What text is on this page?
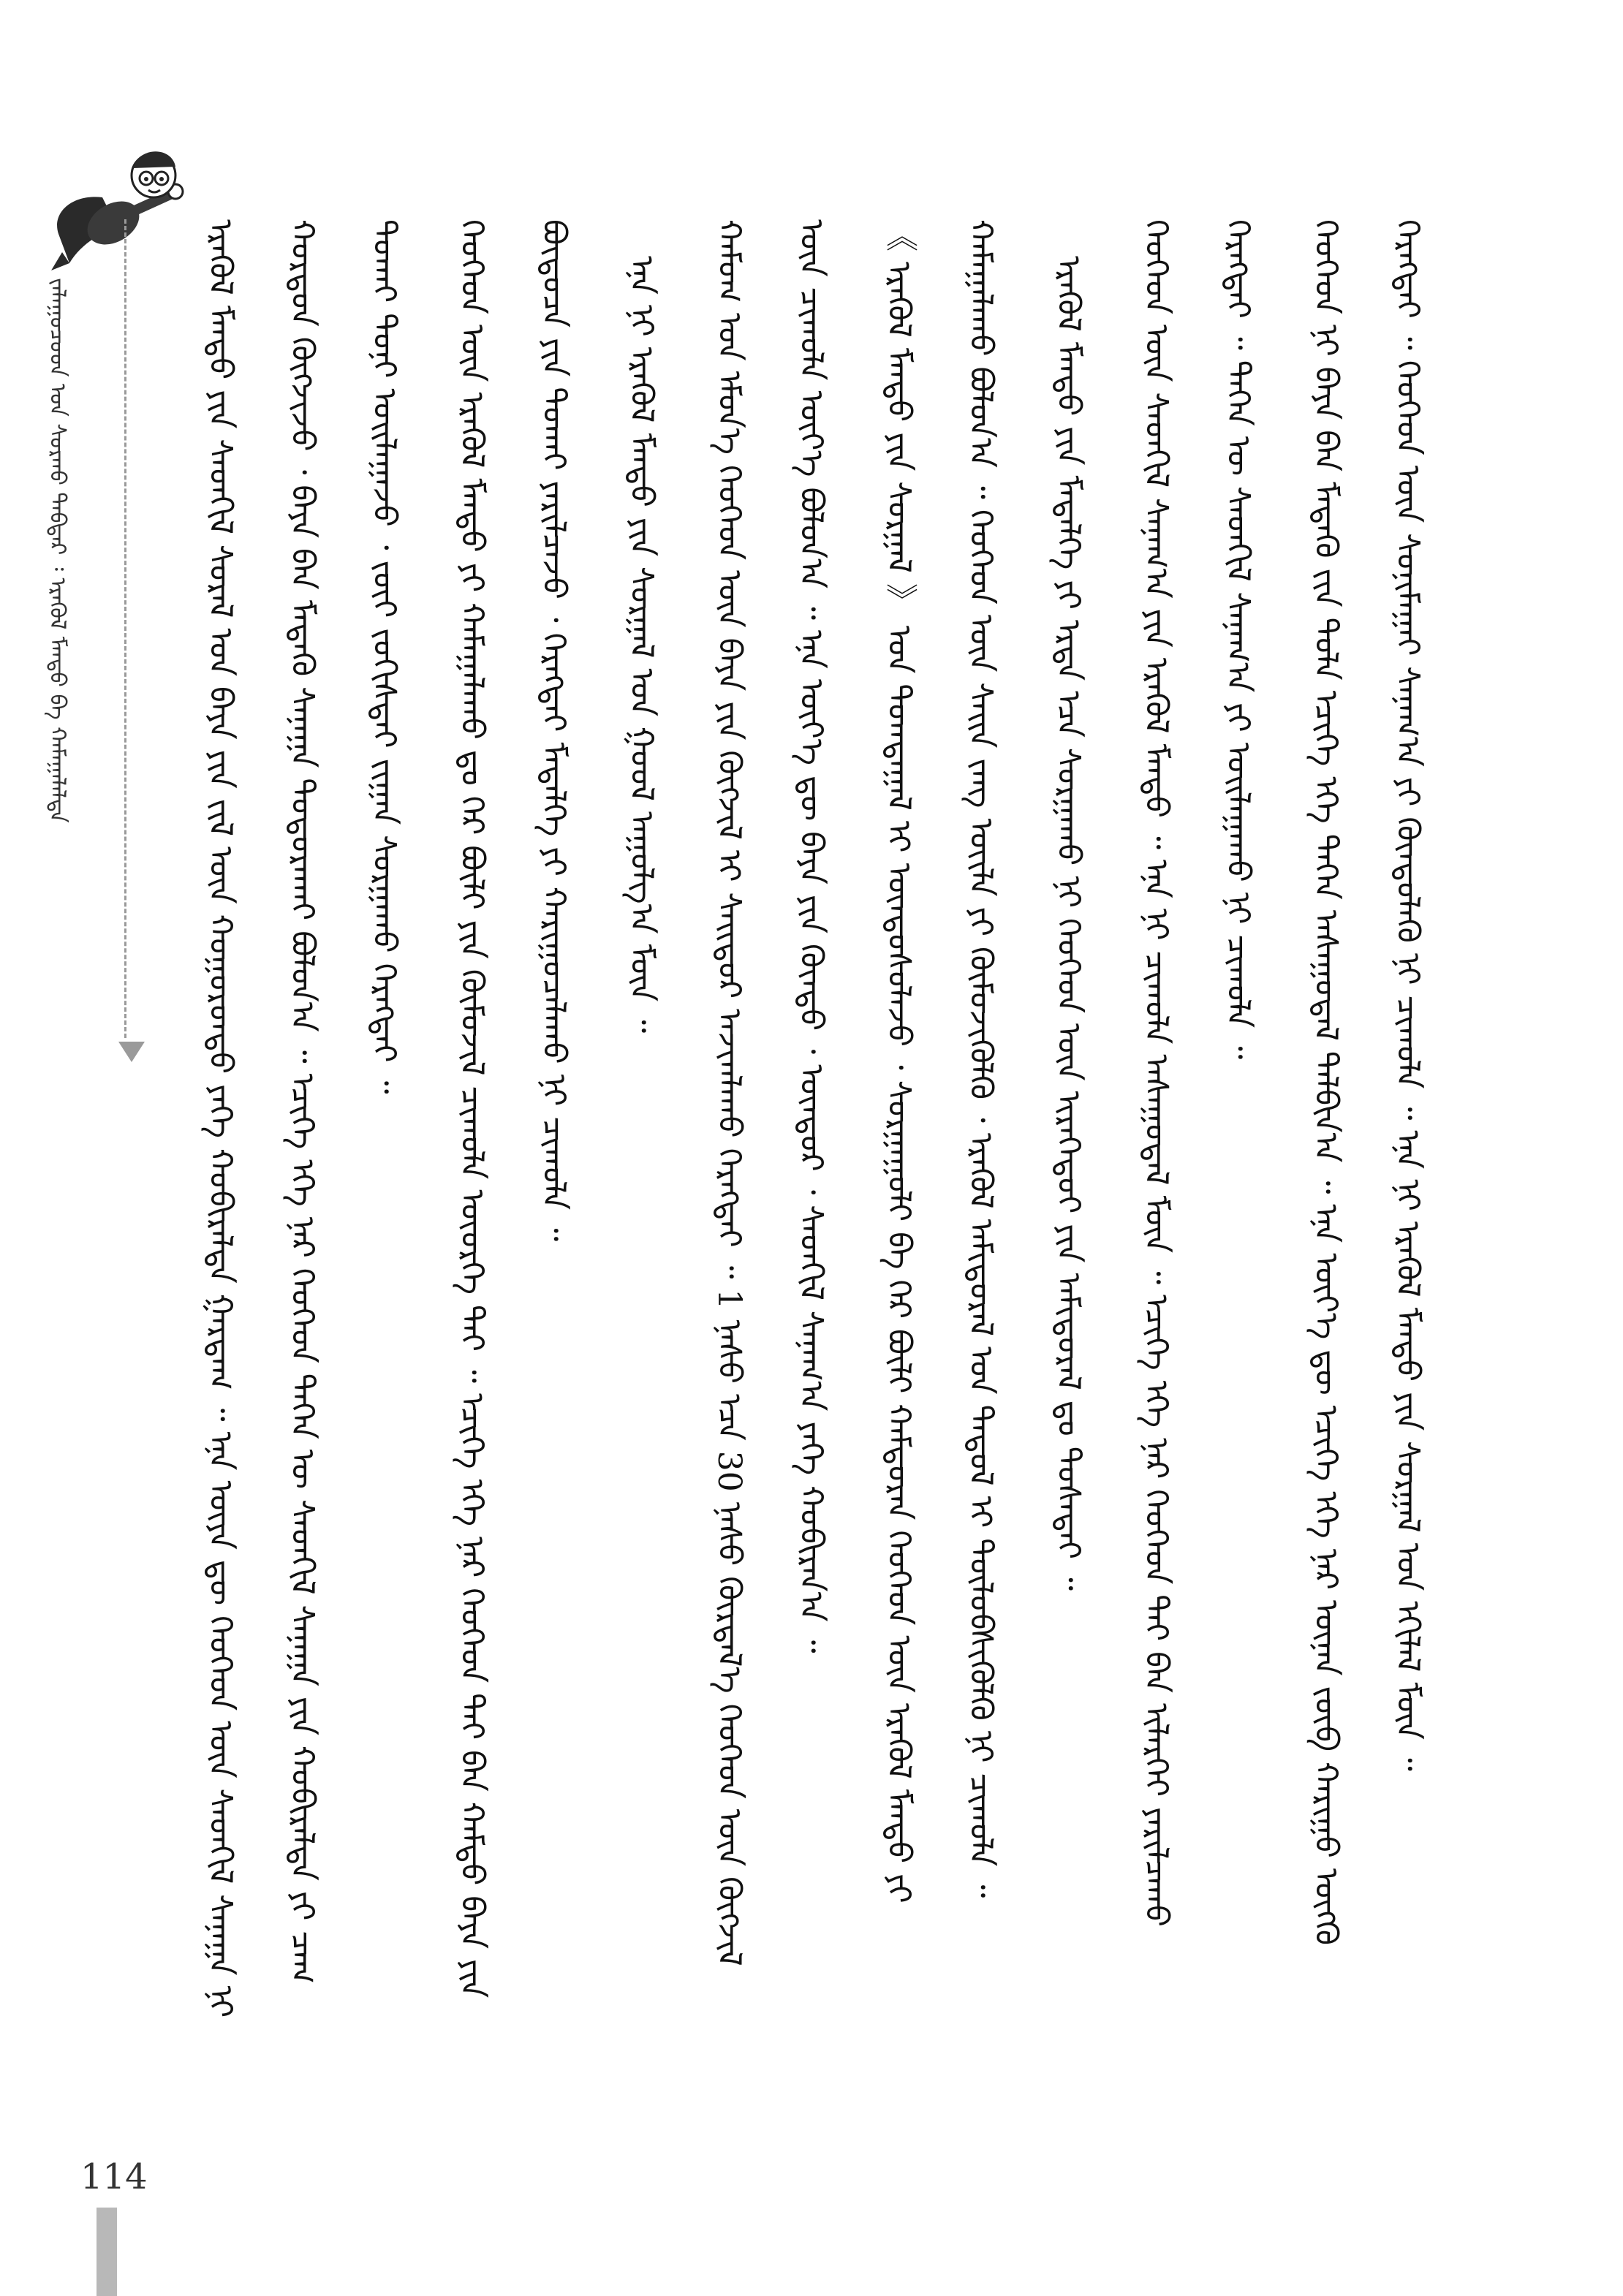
ᠵᠠᠯᠠᠭᠤᠴᠤᠳ ᠤᠨ ᠰᠤᠷᠬᠤ ᠳᠡᠪᠲᠡᠷ ᠄ ᠡᠷᠡᠭᠦᠯ ᠮᠡᠨᠳᠦ ᠪᠠ ᠬᠠᠮᠠᠭᠠᠯᠠᠯᠲᠠ	ᠡᠷᠡᠭᠦᠯ ᠮᠡᠨᠳᠦ ᠶᠢᠨ ᠰᠡᠳᠬᠢᠯ ᠰᠤᠷᠠᠯ ᠤᠨ ᠪᠡᠶᠡ ᠶᠢᠨ ᠵᠢᠯ ᠦᠨ ᠬᠤᠭᠤᠷᠤᠨᠳᠤ ᠶᠡᠬᠡ ᠬᠤᠪᠢᠷᠠᠯᠲᠠ ᠭᠠᠷᠳᠠᠭ ᠃ ᠡᠨᠡ ᠦᠶᠡ ᠳᠦ ᠬᠡᠦᠬᠡᠳ ᠦᠨ ᠰᠡᠳᠬᠢᠯ ᠰᠠᠨᠠᠭᠠ ᠨᠢ ᠬᠤᠷᠳᠤᠨ ᠬᠦᠭᠵᠢᠵᠦ ᠂ ᠪᠡᠶᠡ ᠪᠡᠨ ᠮᠡᠳᠡᠬᠦ ᠰᠠᠨᠠᠭᠠ ᠲᠤᠳᠤᠷᠠᠬᠠᠢ ᠪᠣᠯᠤᠨ᠎ᠠ ᠃ ᠡᠴᠢᠭᠡ ᠡᠬᠡ ᠨᠠᠷ ᠬᠡᠦᠬᠡᠳ ᠲᠡᠭᠡᠨ ᠦ ᠰᠡᠳᠬᠢᠯ ᠰᠠᠨᠠᠭᠠ ᠶᠢᠨ ᠬᠤᠪᠢᠷᠠᠯᠲᠠ ᠶᠢ ᠴᠠᠭ ᠲᠤᠬᠠᠢ ᠳᠤᠨᠢ ᠣᠢᠯᠠᠭᠠᠵᠤ ᠂ ᠵᠦᠢ ᠵᠤᠬᠢᠰᠲᠠᠢ ᠵᠢᠭᠠᠨ ᠰᠤᠷᠭᠠᠬᠤ ᠬᠡᠷᠡᠭᠲᠡᠢ ᠃	ᠬᠡᠦᠬᠡᠳ ᠦᠨ ᠡᠷᠡᠭᠦᠯ ᠮᠡᠨᠳᠦ ᠶᠢ ᠬᠠᠮᠠᠭᠠᠯᠠᠬᠤ ᠳᠤ ᠭᠡᠷ ᠪᠦᠯᠢ ᠶᠢᠨ ᠬᠦᠮᠦᠵᠢᠯ ᠴᠢᠬᠤᠯᠠ ᠦᠦᠷᠭᠡ ᠲᠡᠢ ᠃ ᠡᠴᠢᠭᠡ ᠡᠬᠡ ᠨᠠᠷ ᠬᠡᠦᠬᠡᠳ ᠲᠡᠢ ᠪᠠᠨ ᠬᠠᠮᠲᠤ ᠪᠡᠶᠡ ᠶᠢᠨ ᠪᠦᠲᠦᠴᠡ ᠶᠢᠨ ᠲᠤᠬᠠᠢ ᠶᠠᠷᠢᠯᠴᠠᠵᠤ ᠂ ᠬᠡᠷᠡᠭᠲᠡᠢ ᠮᠡᠳᠡᠯᠭᠡ ᠶᠢ ᠬᠠᠷᠢᠭᠤᠴᠠᠯᠠᠬᠤ ᠨᠢ ᠴᠢᠬᠤᠯᠠ ᠃	ᠡᠨᠡ ᠨᠢ ᠡᠷᠡᠭᠦᠯ ᠮᠡᠨᠳᠦ ᠶᠢᠨ ᠰᠤᠷᠭᠠᠯ ᠤᠨ ᠭᠣᠣᠯ ᠠᠭᠤᠯᠭ᠎ᠠ ᠮᠥᠨ ᠃	ᠬᠠᠮᠤᠭ ᠤᠨ ᠡᠮᠦᠨ᠎ᠡ ᠬᠡᠦᠬᠡᠳ ᠦᠨ ᠪᠡᠶᠡ ᠶᠢᠨ ᠬᠥᠭᠵᠢᠯ ᠢ ᠰᠠᠢᠲᠤᠷ ᠠᠵᠢᠭᠯᠠᠬᠤ ᠬᠡᠷᠡᠭᠲᠡᠢ ᠃ 1 ᠨᠠᠰᠤ ᠡᠴᠡ 30 ᠨᠠᠰᠤ ᠬᠦᠷᠲᠡᠯ᠎ᠡ ᠬᠡᠦᠬᠡᠳ ᠦᠨ ᠬᠥᠭᠵᠢᠯ ᠦᠨ ᠴᠢᠬᠤᠯᠠ ᠦᠶ᠎ᠡ ᠪᠣᠯᠤᠨ᠎ᠠ ᠃ ᠡᠨᠡ ᠦᠶ᠎ᠡ ᠳᠦ ᠪᠡᠶᠡ ᠶᠢᠨ ᠬᠦᠨᠳᠦ ᠂ ᠥᠨᠳᠥᠷ ᠂ ᠰᠡᠳᠬᠢᠯ ᠰᠠᠨᠠᠭ᠎ᠠ ᠶᠡᠬᠡ ᠬᠤᠪᠢᠷᠠᠨ᠎ᠠ ᠃	《 ᠡᠷᠡᠭᠦᠯ ᠮᠡᠨᠳᠦ ᠶᠢᠨ ᠰᠤᠷᠭᠠᠯ 》 ᠤᠨ ᠲᠣᠭᠲᠠᠭᠠᠯ ᠢ ᠦᠨᠳᠦᠰᠦᠯᠡᠵᠦ ᠂ ᠰᠤᠷᠭᠠᠭᠤᠯᠢ ᠪᠠ ᠭᠡᠷ ᠪᠦᠯᠢ ᠬᠠᠮᠲᠤᠷᠠᠨ ᠬᠡᠦᠬᠡᠳ ᠦᠨ ᠡᠷᠡᠭᠦᠯ ᠮᠡᠨᠳᠦ ᠶᠢ ᠬᠠᠮᠠᠭᠠᠯᠠᠬᠤ ᠪᠣᠯᠤᠨ᠎ᠠ ᠃ ᠬᠡᠦᠬᠡᠳ ᠦᠨ ᠰᠠᠢᠨ ᠵᠠᠩ ᠦᠢᠯᠡ ᠶᠢ ᠬᠥᠮᠦᠵᠢᠭᠦᠯᠬᠦ ᠂ ᠡᠷᠡᠭᠦᠯ ᠠᠮᠢᠳᠤᠷᠠᠯ ᠤᠨ ᠳᠠᠳᠤᠯ ᠢ ᠲᠥᠯᠥᠪᠰᠢᠭᠦᠯᠬᠦ ᠨᠢ ᠴᠢᠬᠤᠯᠠ ᠃	ᠡᠷᠡᠭᠦᠯ ᠮᠡᠨᠳᠦ ᠶᠢᠨ ᠮᠡᠳᠡᠯᠭᠡ ᠶᠢ ᠡᠷᠲᠡ ᠡᠴᠡ ᠰᠤᠷᠭᠠᠬᠤ ᠨᠢ ᠬᠡᠦᠬᠡᠳ ᠦᠨ ᠢᠷᠡᠭᠡᠳᠦᠢ ᠶᠢᠨ ᠠᠮᠢᠳᠤᠷᠠᠯ ᠳᠤ ᠲᠤᠰᠠᠲᠠᠢ ᠃	ᠬᠡᠦᠬᠡᠳ ᠦᠨ ᠰᠡᠳᠬᠢᠯ ᠰᠠᠨᠠᠭ᠎ᠠ ᠶᠢᠨ ᠡᠷᠡᠭᠦᠯ ᠮᠡᠨᠳᠦ ᠃ ᠡᠨᠡ ᠨᠢ ᠴᠢᠬᠤᠯᠠ ᠠᠰᠠᠭᠤᠳᠠᠯ ᠮᠥᠨ ᠃ ᠡᠴᠢᠭᠡ ᠡᠬᠡ ᠨᠠᠷ ᠬᠡᠦᠬᠡᠳ ᠲᠡᠢ ᠪᠠᠨ ᠢᠯᠡᠷᠬᠡᠢ ᠶᠠᠷᠢᠯᠴᠠᠬᠤ ᠬᠡᠷᠡᠭᠲᠡᠢ ᠃ ᠲᠡᠭᠡᠨ ᠦ ᠰᠡᠳᠬᠢᠯ ᠰᠠᠨᠠᠭ᠎ᠠ ᠶᠢ ᠣᠢᠯᠠᠭᠠᠬᠤ ᠨᠢ ᠴᠢᠬᠤᠯᠠ ᠃	ᠬᠡᠦᠬᠡᠳ ᠨᠢ ᠪᠡᠶᠡ ᠪᠡᠨ ᠮᠡᠳᠡᠬᠦ ᠵᠢᠨ ᠲᠤᠯᠠ ᠡᠴᠢᠭᠡ ᠡᠬᠡ ᠳᠡᠭᠡᠨ ᠠᠰᠠᠭᠤᠳᠠᠯ ᠲᠠᠯᠪᠢᠨ᠎ᠠ ᠃ ᠡᠨᠡ ᠦᠶ᠎ᠡ ᠳᠦ ᠡᠴᠢᠭᠡ ᠡᠬᠡ ᠨᠠᠷ ᠦᠨᠡᠨ ᠵᠥᠪ ᠬᠠᠷᠢᠭᠤ ᠥᠭᠬᠦ ᠬᠡᠷᠡᠭᠲᠡᠢ ᠃ ᠬᠡᠦᠬᠡᠳ ᠦᠨ ᠰᠣᠨᠢᠮᠠᠭᠠᠢ ᠰᠠᠨᠠᠭ᠎ᠠ ᠶᠢ ᠬᠦᠨᠳᠦᠯᠡᠬᠦ ᠨᠢ ᠴᠢᠬᠤᠯᠠ ᠃ ᠡᠨᠡ ᠨᠢ ᠡᠷᠡᠭᠦᠯ ᠮᠡᠨᠳᠦ ᠶᠢᠨ ᠰᠤᠷᠭᠠᠯ ᠤᠨ ᠡᠬᠢᠯᠡᠯ ᠮᠥᠨ ᠃

114
